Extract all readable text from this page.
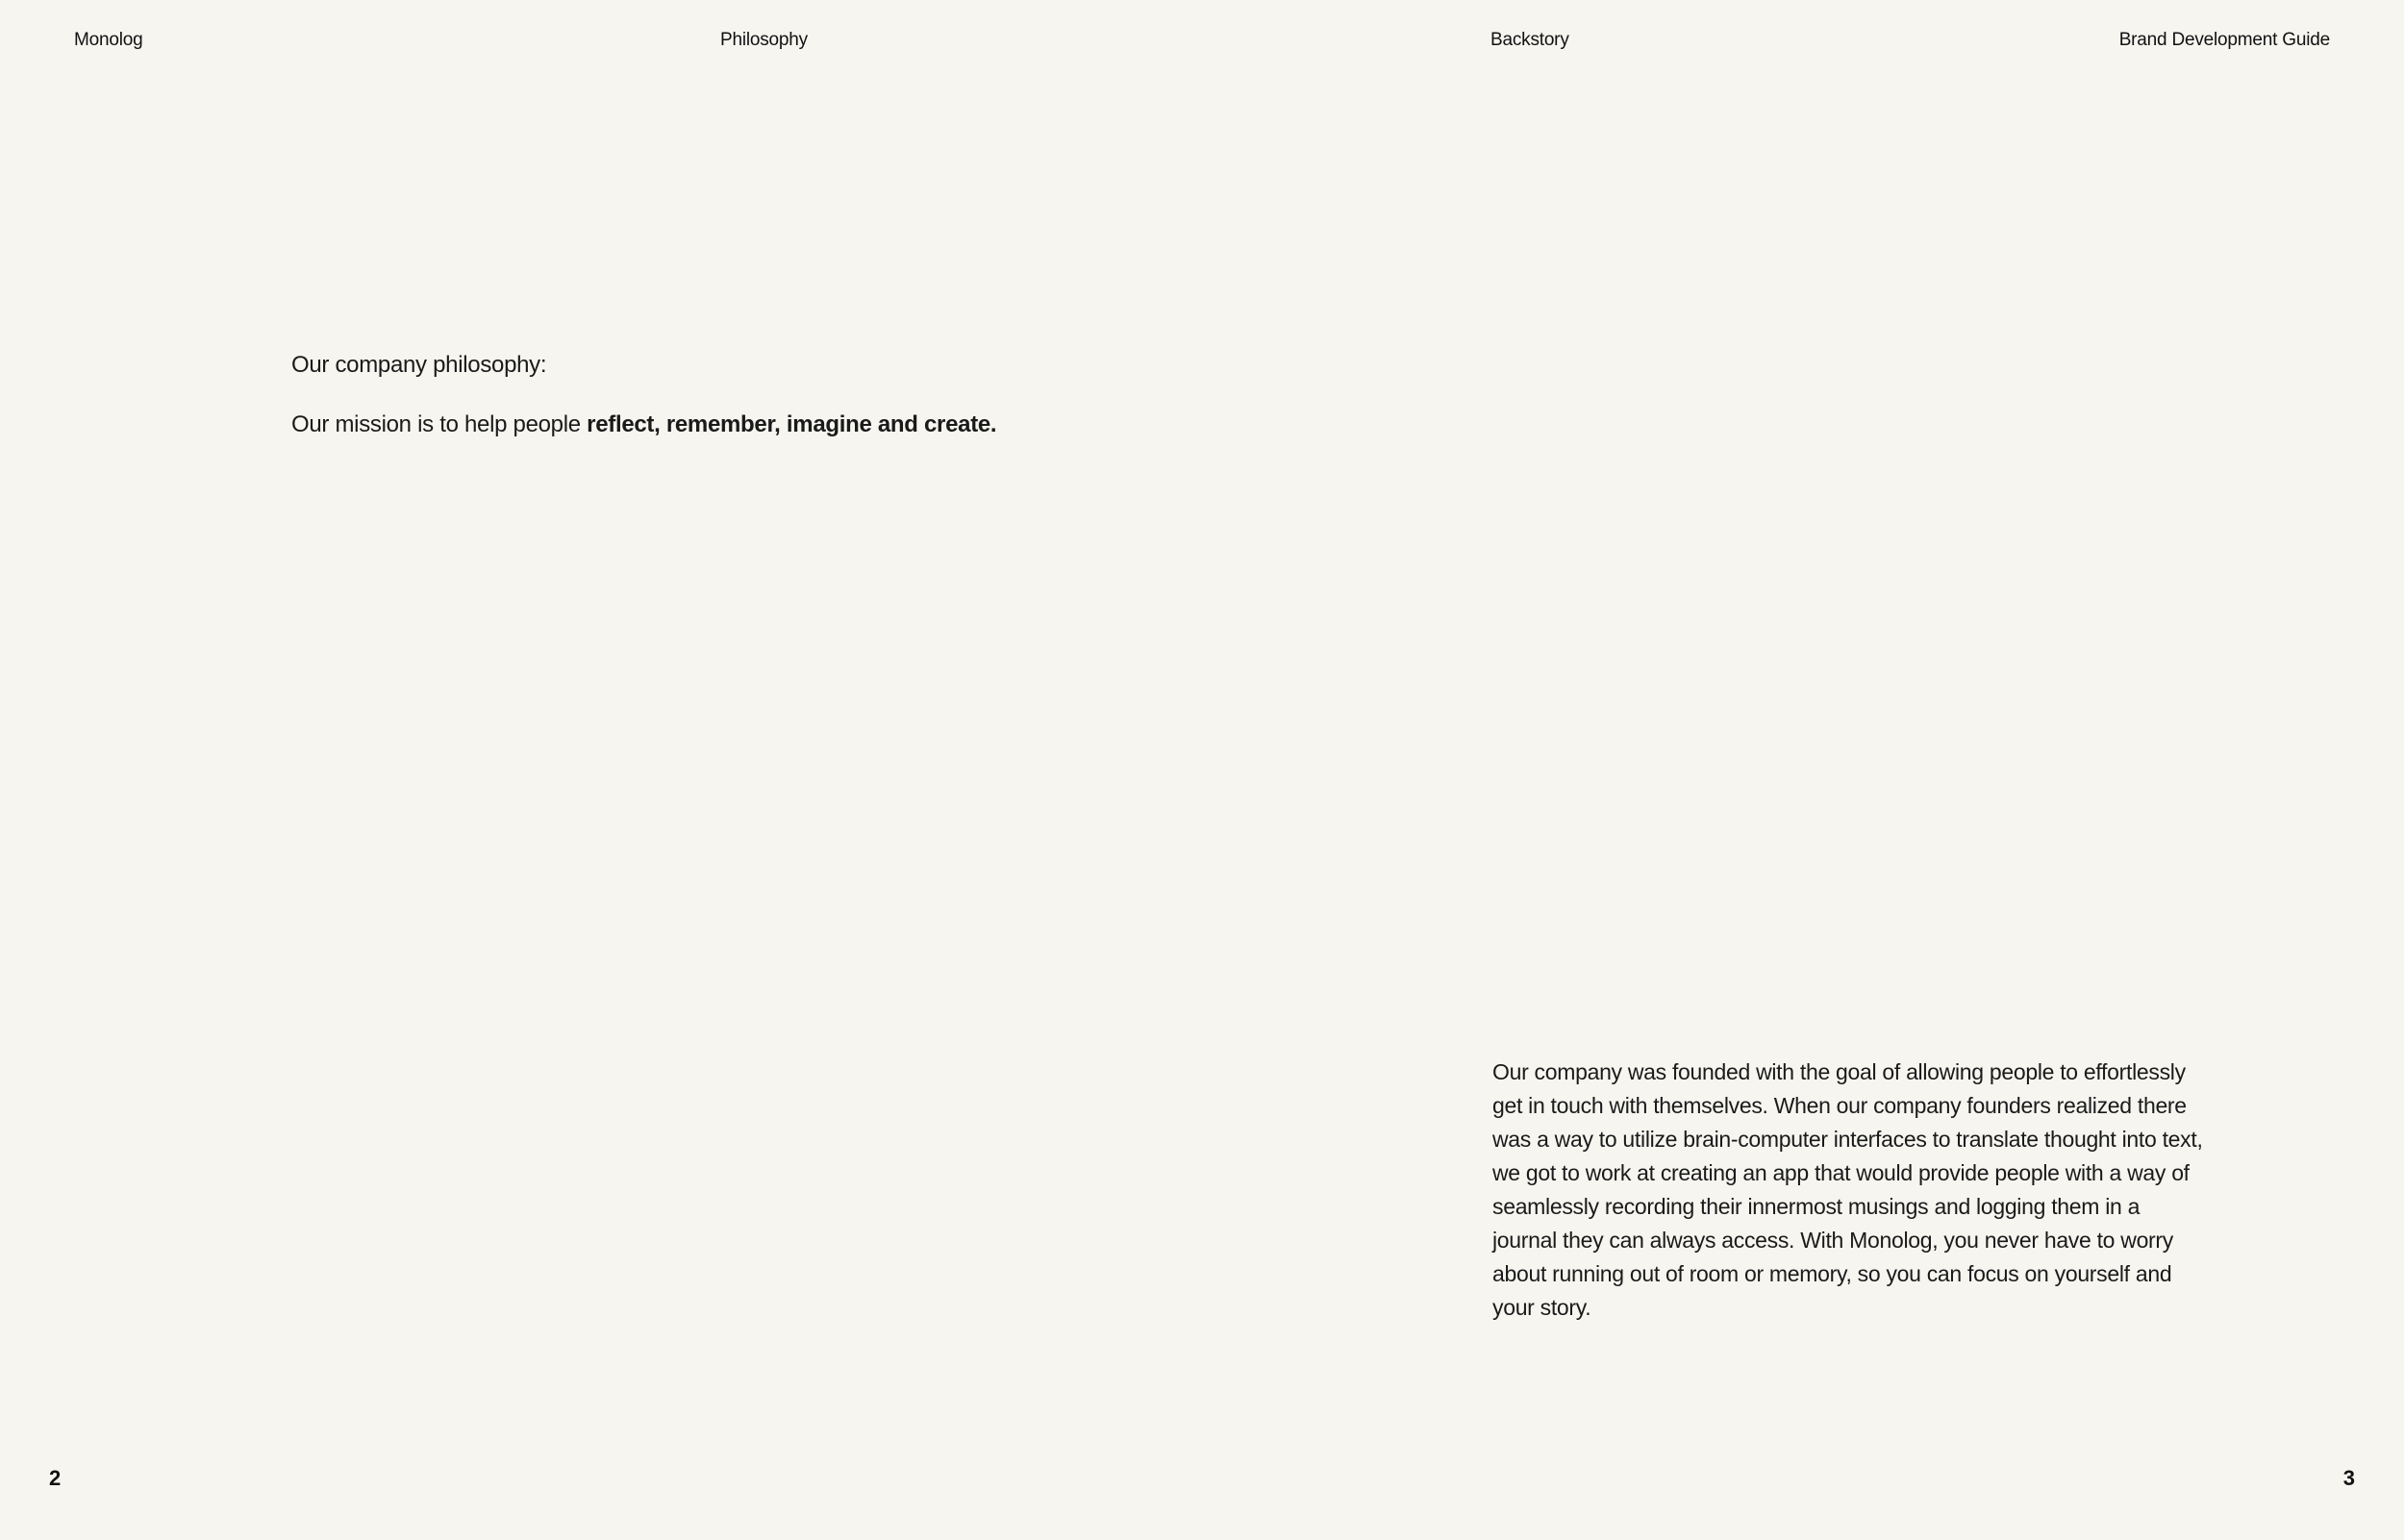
Monolog	Philosophy	Backstory	Brand Development Guide

Our company philosophy:

Our mission is to help people reflect, remember, imagine and create.

Our company was founded with the goal of allowing people to effortlessly get in touch with themselves. When our company founders realized there was a way to utilize brain-computer interfaces to translate thought into text, we got to work at creating an app that would provide people with a way of seamlessly recording their innermost musings and logging them in a journal they can always access. With Monolog, you never have to worry about running out of room or memory, so you can focus on yourself and your story.

2	3
